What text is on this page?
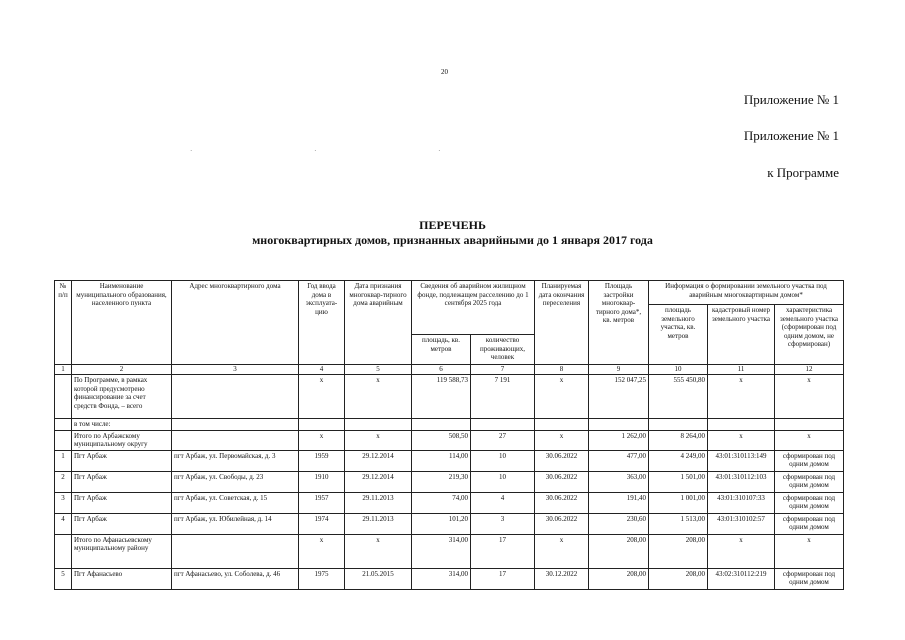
20
Приложение № 1
Приложение № 1
к Программе
· · ·
ПЕРЕЧЕНЬ
многоквартирных домов, признанных аварийными до 1 января 2017 года
№ п/п	Наименование муниципального образования, населенного пункта	Адрес многоквартирного дома	Год ввода дома в эксплуата-цию	Дата признания многоквар-тирного дома аварийным	Сведения об аварийном жилищном фонде, подлежащем расселению до 1 сентября 2025 года		Планируемая дата окончания переселения	Площадь застройки многоквар-тирного дома*, кв. метров	Информация о формировании земельного участка под аварийным многоквартирным домом*		
									площадь земельного участка, кв. метров	кадастровый номер земельного участка	характеристика земельного участка (сформирован под одним домом, не сформирован)
					площадь, кв. метров	количество проживающих, человек					
1	2	3	4	5	6	7	8	9	10	11	12
	По Программе, в рамках которой предусмотрено финансирование за счет средств Фонда, – всего		х	х	119 588,73	7 191	х	152 047,25	555 450,80	х	х
	в том числе:										
	Итого по Арбажскому муниципальному округу		х	х	508,50	27	х	1 262,00	8 264,00	х	х
1	Пгт Арбаж	пгт Арбаж, ул. Первомайская, д. 3	1959	29.12.2014	114,00	10	30.06.2022	477,00	4 249,00	43:01:310113:149	сформирован под одним домом
2	Пгт Арбаж	пгт Арбаж, ул. Свободы, д. 23	1910	29.12.2014	219,30	10	30.06.2022	363,00	1 501,00	43:01:310112:103	сформирован под одним домом
3	Пгт Арбаж	пгт Арбаж, ул. Советская, д. 15	1957	29.11.2013	74,00	4	30.06.2022	191,40	1 001,00	43:01:310107:33	сформирован под одним домом
4	Пгт Арбаж	пгт Арбаж, ул. Юбилейная, д. 14	1974	29.11.2013	101,20	3	30.06.2022	230,60	1 513,00	43:01:310102:57	сформирован под одним домом
	Итого по Афанасьевскому муниципальному району		х	х	314,00	17	х	208,00	208,00	х	х
5	Пгт Афанасьево	пгт Афанасьево, ул. Соболева, д. 46	1975	21.05.2015	314,00	17	30.12.2022	208,00	208,00	43:02:310112:219	сформирован под одним домом
